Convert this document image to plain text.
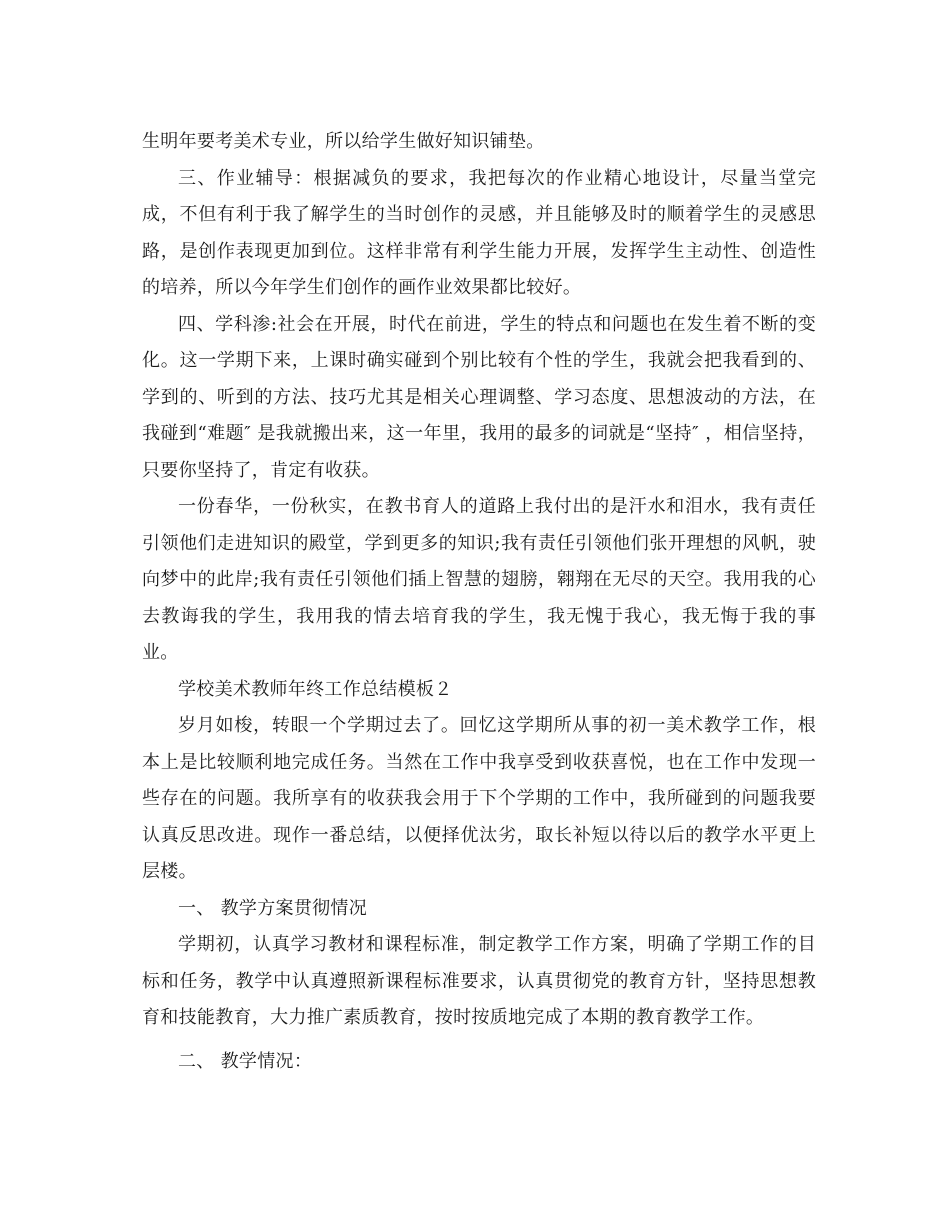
生明年要考美术专业，所以给学生做好知识铺垫。

三、作业辅导：根据减负的要求，我把每次的作业精心地设计，尽量当堂完成，不但有利于我了解学生的当时创作的灵感，并且能够及时的顺着学生的灵感思路，是创作表现更加到位。这样非常有利学生能力开展，发挥学生主动性、创造性的培养，所以今年学生们创作的画作业效果都比较好。

四、学科渗:社会在开展，时代在前进，学生的特点和问题也在发生着不断的变化。这一学期下来，上课时确实碰到个别比较有个性的学生，我就会把我看到的、学到的、听到的方法、技巧尤其是相关心理调整、学习态度、思想波动的方法，在我碰到“难题″ 是我就搬出来，这一年里，我用的最多的词就是“坚持″ ，相信坚持，只要你坚持了，肯定有收获。

一份春华，一份秋实，在教书育人的道路上我付出的是汗水和泪水，我有责任引领他们走进知识的殿堂，学到更多的知识;我有责任引领他们张开理想的风帆，驶向梦中的此岸;我有责任引领他们插上智慧的翅膀，翱翔在无尽的天空。我用我的心去教诲我的学生，我用我的情去培育我的学生，我无愧于我心，我无悔于我的事业。

学校美术教师年终工作总结模板２

岁月如梭，转眼一个学期过去了。回忆这学期所从事的初一美术教学工作，根本上是比较顺利地完成任务。当然在工作中我享受到收获喜悦，也在工作中发现一些存在的问题。我所享有的收获我会用于下个学期的工作中，我所碰到的问题我要认真反思改进。现作一番总结，以便择优汰劣，取长补短以待以后的教学水平更上层楼。

一、 教学方案贯彻情况

学期初，认真学习教材和课程标准，制定教学工作方案，明确了学期工作的目标和任务，教学中认真遵照新课程标准要求，认真贯彻党的教育方针，坚持思想教育和技能教育，大力推广素质教育，按时按质地完成了本期的教育教学工作。

二、 教学情况：
